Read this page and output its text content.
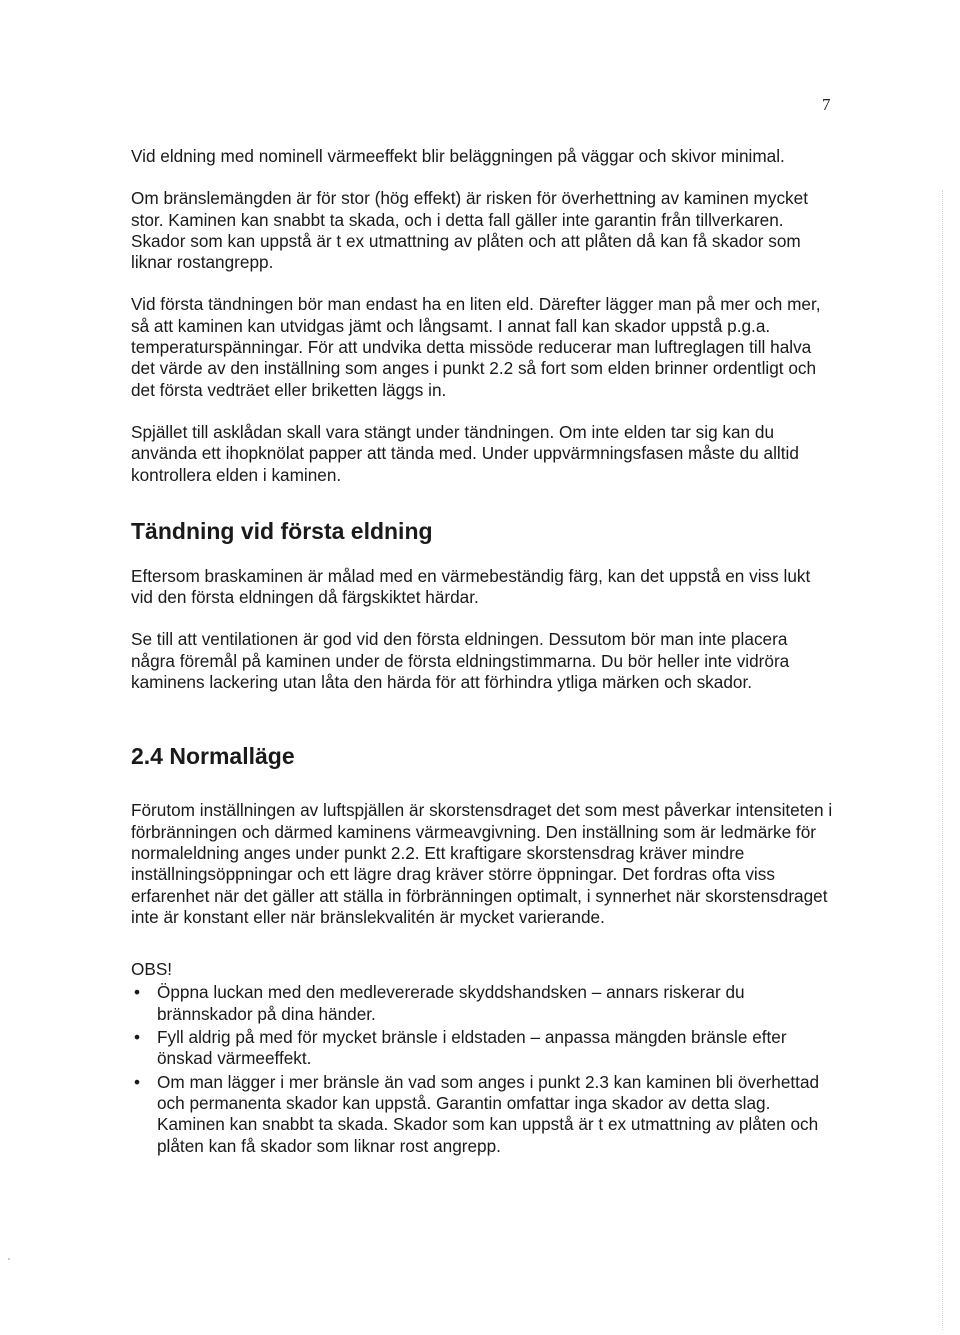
7

Vid eldning med nominell värmeeffekt blir beläggningen på väggar och skivor minimal.

Om bränslemängden är för stor (hög effekt) är risken för överhettning av kaminen mycket stor. Kaminen kan snabbt ta skada, och i detta fall gäller inte garantin från tillverkaren. Skador som kan uppstå är t ex utmattning av plåten och att plåten då kan få skador som liknar rostangrepp.

Vid första tändningen bör man endast ha en liten eld. Därefter lägger man på mer och mer, så att kaminen kan utvidgas jämt och långsamt. I annat fall kan skador uppstå p.g.a. temperaturspänningar. För att undvika detta missöde reducerar man luftreglagen till halva det värde av den inställning som anges i punkt 2.2 så fort som elden brinner ordentligt och det första vedträet eller briketten läggs in.

Spjället till asklådan skall vara stängt under tändningen. Om inte elden tar sig kan du använda ett ihopknölat papper att tända med. Under uppvärmningsfasen måste du alltid kontrollera elden i kaminen.

Tändning vid första eldning

Eftersom braskaminen är målad med en värmebeständig färg, kan det uppstå en viss lukt vid den första eldningen då färgskiktet härdar.

Se till att ventilationen är god vid den första eldningen. Dessutom bör man inte placera några föremål på kaminen under de första eldningstimmarna. Du bör heller inte vidröra kaminens lackering utan låta den härda för att förhindra ytliga märken och skador.

2.4 Normalläge

Förutom inställningen av luftspjällen är skorstensdraget det som mest påverkar intensiteten i förbränningen och därmed kaminens värmeavgivning. Den inställning som är ledmärke för normaleldning anges under punkt 2.2. Ett kraftigare skorstensdrag kräver mindre inställningsöppningar och ett lägre drag kräver större öppningar. Det fordras ofta viss erfarenhet när det gäller att ställa in förbränningen optimalt, i synnerhet när skorstensdraget inte är konstant eller när bränslekvalitén är mycket varierande.

OBS!

• Öppna luckan med den medlevererade skyddshandsken – annars riskerar du brännskador på dina händer.
• Fyll aldrig på med för mycket bränsle i eldstaden – anpassa mängden bränsle efter önskad värmeeffekt.
• Om man lägger i mer bränsle än vad som anges i punkt 2.3 kan kaminen bli överhettad och permanenta skador kan uppstå. Garantin omfattar inga skador av detta slag. Kaminen kan snabbt ta skada. Skador som kan uppstå är t ex utmattning av plåten och plåten kan få skador som liknar rost angrepp.
